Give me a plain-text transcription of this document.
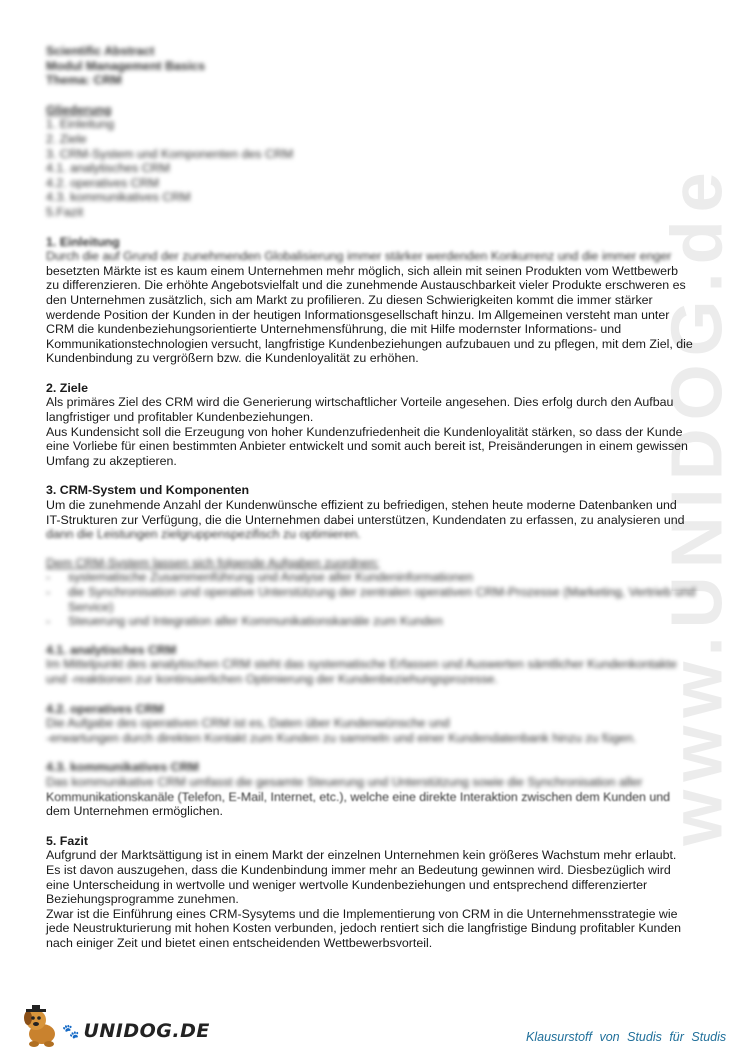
www.UNIDOG.de
Scientific Abstract
Modul Management Basics
Thema: CRM
Gliederung
1. Einleitung
2. Ziele
3. CRM-System und Komponenten des CRM
4.1. analytisches CRM
4.2. operatives CRM
4.3. kommunikatives CRM
5.Fazit
1. Einleitung
Durch die auf Grund der zunehmenden Globalisierung immer stärker werdenden Konkurrenz und die immer enger
besetzten Märkte ist es kaum einem Unternehmen mehr möglich, sich allein mit seinen Produkten vom Wettbewerb
zu differenzieren. Die erhöhte Angebotsvielfalt und die zunehmende Austauschbarkeit vieler Produkte erschweren es
den Unternehmen zusätzlich, sich am Markt zu profilieren. Zu diesen Schwierigkeiten kommt die immer stärker
werdende Position der Kunden in der heutigen Informationsgesellschaft hinzu. Im Allgemeinen versteht man unter
CRM die kundenbeziehungsorientierte Unternehmensführung, die mit Hilfe modernster Informations- und
Kommunikationstechnologien versucht, langfristige Kundenbeziehungen aufzubauen und zu pflegen, mit dem Ziel, die
Kundenbindung zu vergrößern bzw. die Kundenloyalität zu erhöhen.
2. Ziele
Als primäres Ziel des CRM wird die Generierung wirtschaftlicher Vorteile angesehen. Dies erfolg durch den Aufbau
langfristiger und profitabler Kundenbeziehungen.
Aus Kundensicht soll die Erzeugung von hoher Kundenzufriedenheit die Kundenloyalität stärken, so dass der Kunde
eine Vorliebe für einen bestimmten Anbieter entwickelt und somit auch bereit ist, Preisänderungen in einem gewissen
Umfang zu akzeptieren.
3. CRM-System und Komponenten
Um die zunehmende Anzahl der Kundenwünsche effizient zu befriedigen, stehen heute moderne Datenbanken und
IT-Strukturen zur Verfügung, die die Unternehmen dabei unterstützen, Kundendaten zu erfassen, zu analysieren und
dann die Leistungen zielgruppenspezifisch zu optimieren.
Dem CRM-System lassen sich folgende Aufgaben zuordnen:
- systematische Zusammenführung und Analyse aller Kundeninformationen
- die Synchronisation und operative Unterstützung der zentralen operativen CRM-Prozesse (Marketing, Vertrieb und Service)
- Steuerung und Integration aller Kommunikationskanäle zum Kunden
4.1. analytisches CRM
Im Mittelpunkt des analytischen CRM steht das systematische Erfassen und Auswerten sämtlicher Kundenkontakte
und -reaktionen zur kontinuierlichen Optimierung der Kundenbeziehungsprozesse.
4.2. operatives CRM
Die Aufgabe des operativen CRM ist es, Daten über Kundenwünsche und
-erwartungen durch direkten Kontakt zum Kunden zu sammeln und einer Kundendatenbank hinzu zu fügen.
4.3. kommunikatives CRM
Das kommunikative CRM umfasst die gesamte Steuerung und Unterstützung sowie die Synchronisation aller
Kommunikationskanäle (Telefon, E-Mail, Internet, etc.), welche eine direkte Interaktion zwischen dem Kunden und
dem Unternehmen ermöglichen.
5. Fazit
Aufgrund der Marktsättigung ist in einem Markt der einzelnen Unternehmen kein größeres Wachstum mehr erlaubt.
Es ist davon auszugehen, dass die Kundenbindung immer mehr an Bedeutung gewinnen wird. Diesbezüglich wird
eine Unterscheidung in wertvolle und weniger wertvolle Kundenbeziehungen und entsprechend differenzierter
Beziehungsprogramme zunehmen.
Zwar ist die Einführung eines CRM-Sysytems und die Implementierung von CRM in die Unternehmensstrategie wie
jede Neustrukturierung mit hohen Kosten verbunden, jedoch rentiert sich die langfristige Bindung profitabler Kunden
nach einiger Zeit und bietet einen entscheidenden Wettbewerbsvorteil.
🐾 UNIDOG.DE	Klausurstoff von Studis für Studis
